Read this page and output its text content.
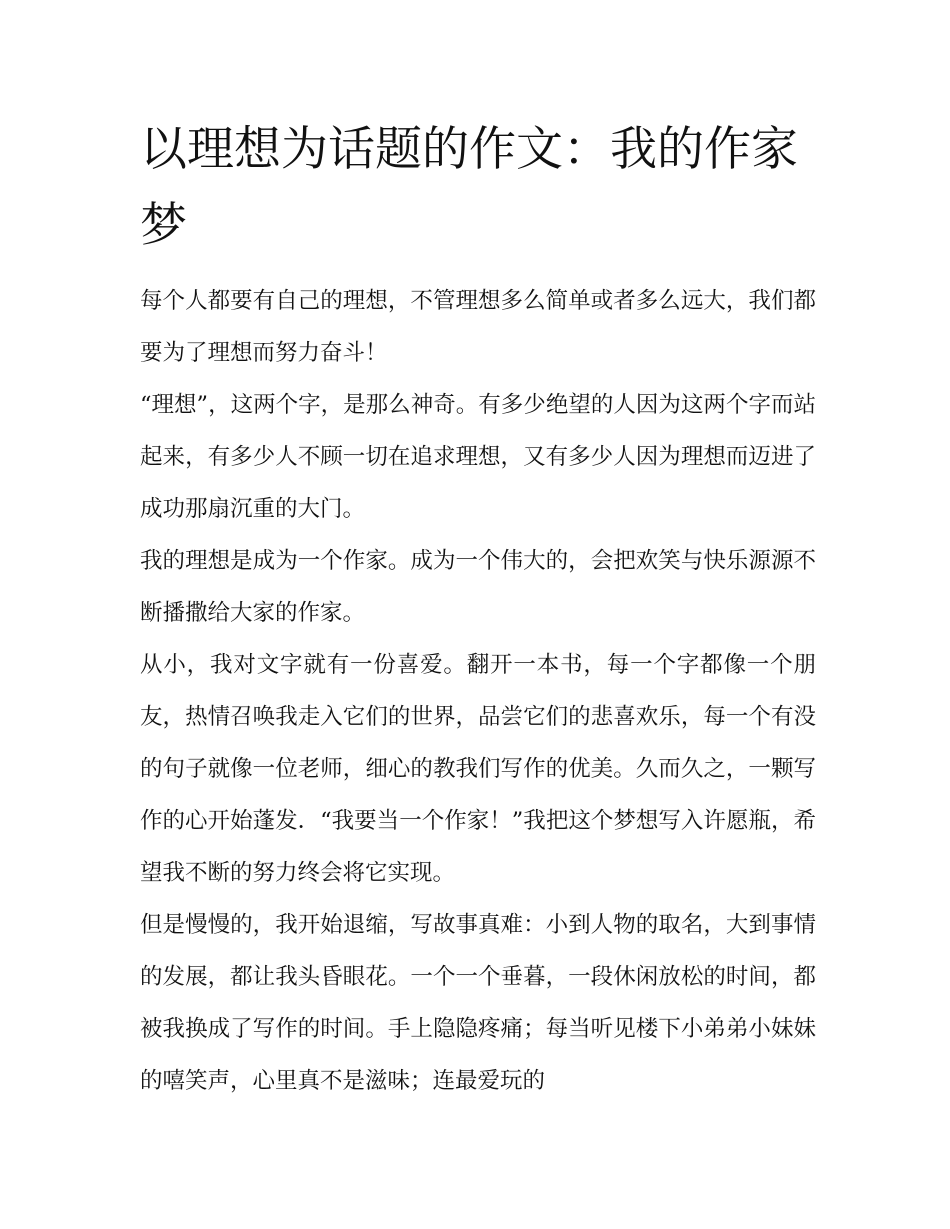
以理想为话题的作文：我的作家梦

每个人都要有自己的理想，不管理想多么简单或者多么远大，我们都要为了理想而努力奋斗！

“理想”，这两个字，是那么神奇。有多少绝望的人因为这两个字而站起来，有多少人不顾一切在追求理想，又有多少人因为理想而迈进了成功那扇沉重的大门。

我的理想是成为一个作家。成为一个伟大的，会把欢笑与快乐源源不断播撒给大家的作家。

从小，我对文字就有一份喜爱。翻开一本书，每一个字都像一个朋友，热情召唤我走入它们的世界，品尝它们的悲喜欢乐，每一个有没的句子就像一位老师，细心的教我们写作的优美。久而久之，一颗写作的心开始蓬发．“我要当一个作家！”我把这个梦想写入许愿瓶，希望我不断的努力终会将它实现。

但是慢慢的，我开始退缩，写故事真难：小到人物的取名，大到事情的发展，都让我头昏眼花。一个一个垂暮，一段休闲放松的时间，都被我换成了写作的时间。手上隐隐疼痛；每当听见楼下小弟弟小妹妹的嘻笑声，心里真不是滋味；连最爱玩的
